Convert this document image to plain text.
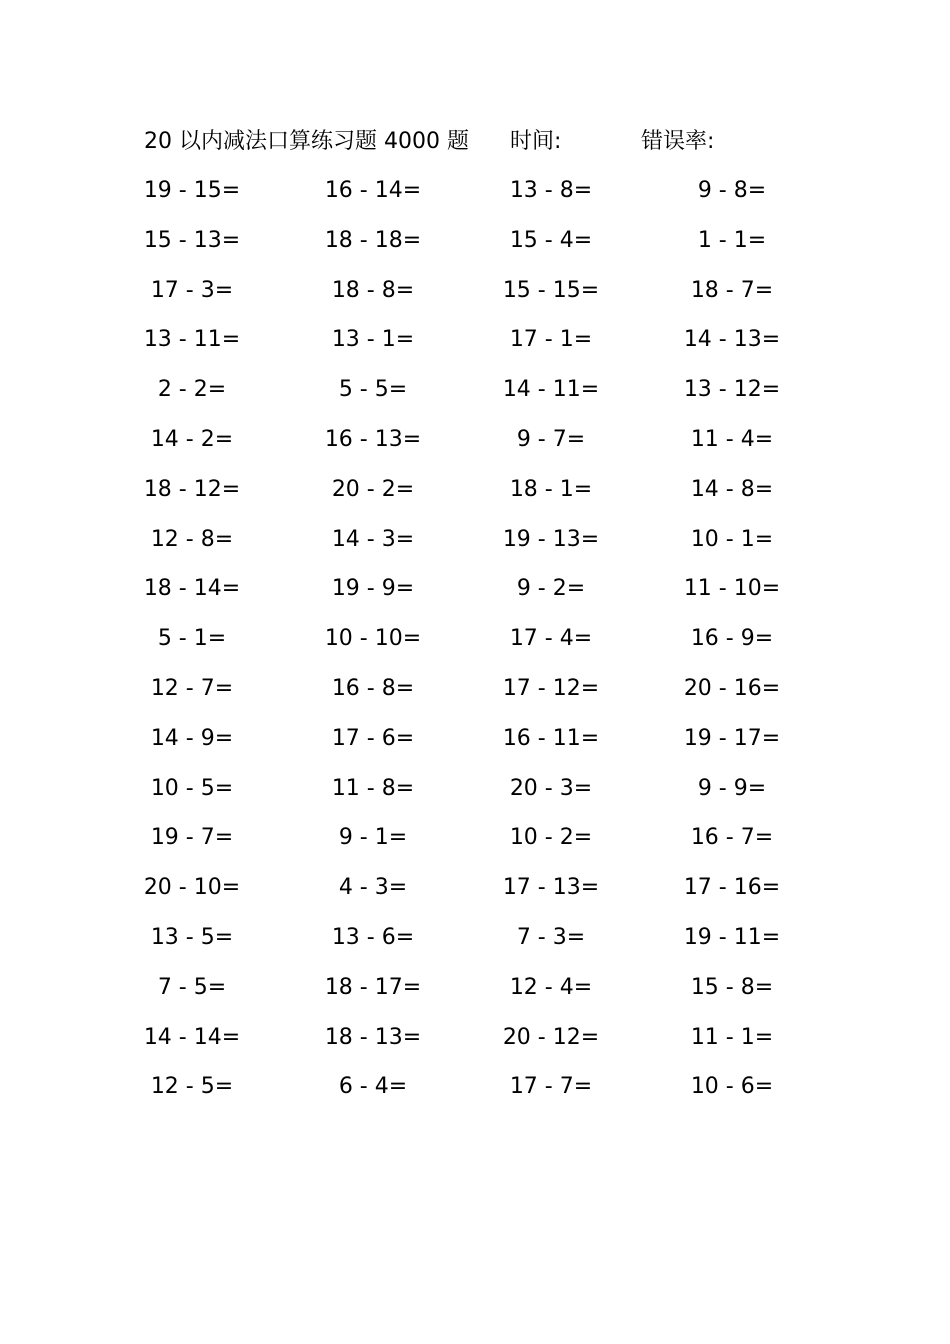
20 以内减法口算练习题 4000 题 时间:	错误率:
19 - 15=	16 - 14=	13 - 8=	9 - 8=
15 - 13=	18 - 18=	15 - 4=	1 - 1=
17 - 3=	18 - 8=	15 - 15=	18 - 7=
13 - 11=	13 - 1=	17 - 1=	14 - 13=
2 - 2=	5 - 5=	14 - 11=	13 - 12=
14 - 2=	16 - 13=	9 - 7=	11 - 4=
18 - 12=	20 - 2=	18 - 1=	14 - 8=
12 - 8=	14 - 3=	19 - 13=	10 - 1=
18 - 14=	19 - 9=	9 - 2=	11 - 10=
5 - 1=	10 - 10=	17 - 4=	16 - 9=
12 - 7=	16 - 8=	17 - 12=	20 - 16=
14 - 9=	17 - 6=	16 - 11=	19 - 17=
10 - 5=	11 - 8=	20 - 3=	9 - 9=
19 - 7=	9 - 1=	10 - 2=	16 - 7=
20 - 10=	4 - 3=	17 - 13=	17 - 16=
13 - 5=	13 - 6=	7 - 3=	19 - 11=
7 - 5=	18 - 17=	12 - 4=	15 - 8=
14 - 14=	18 - 13=	20 - 12=	11 - 1=
12 - 5=	6 - 4=	17 - 7=	10 - 6=
